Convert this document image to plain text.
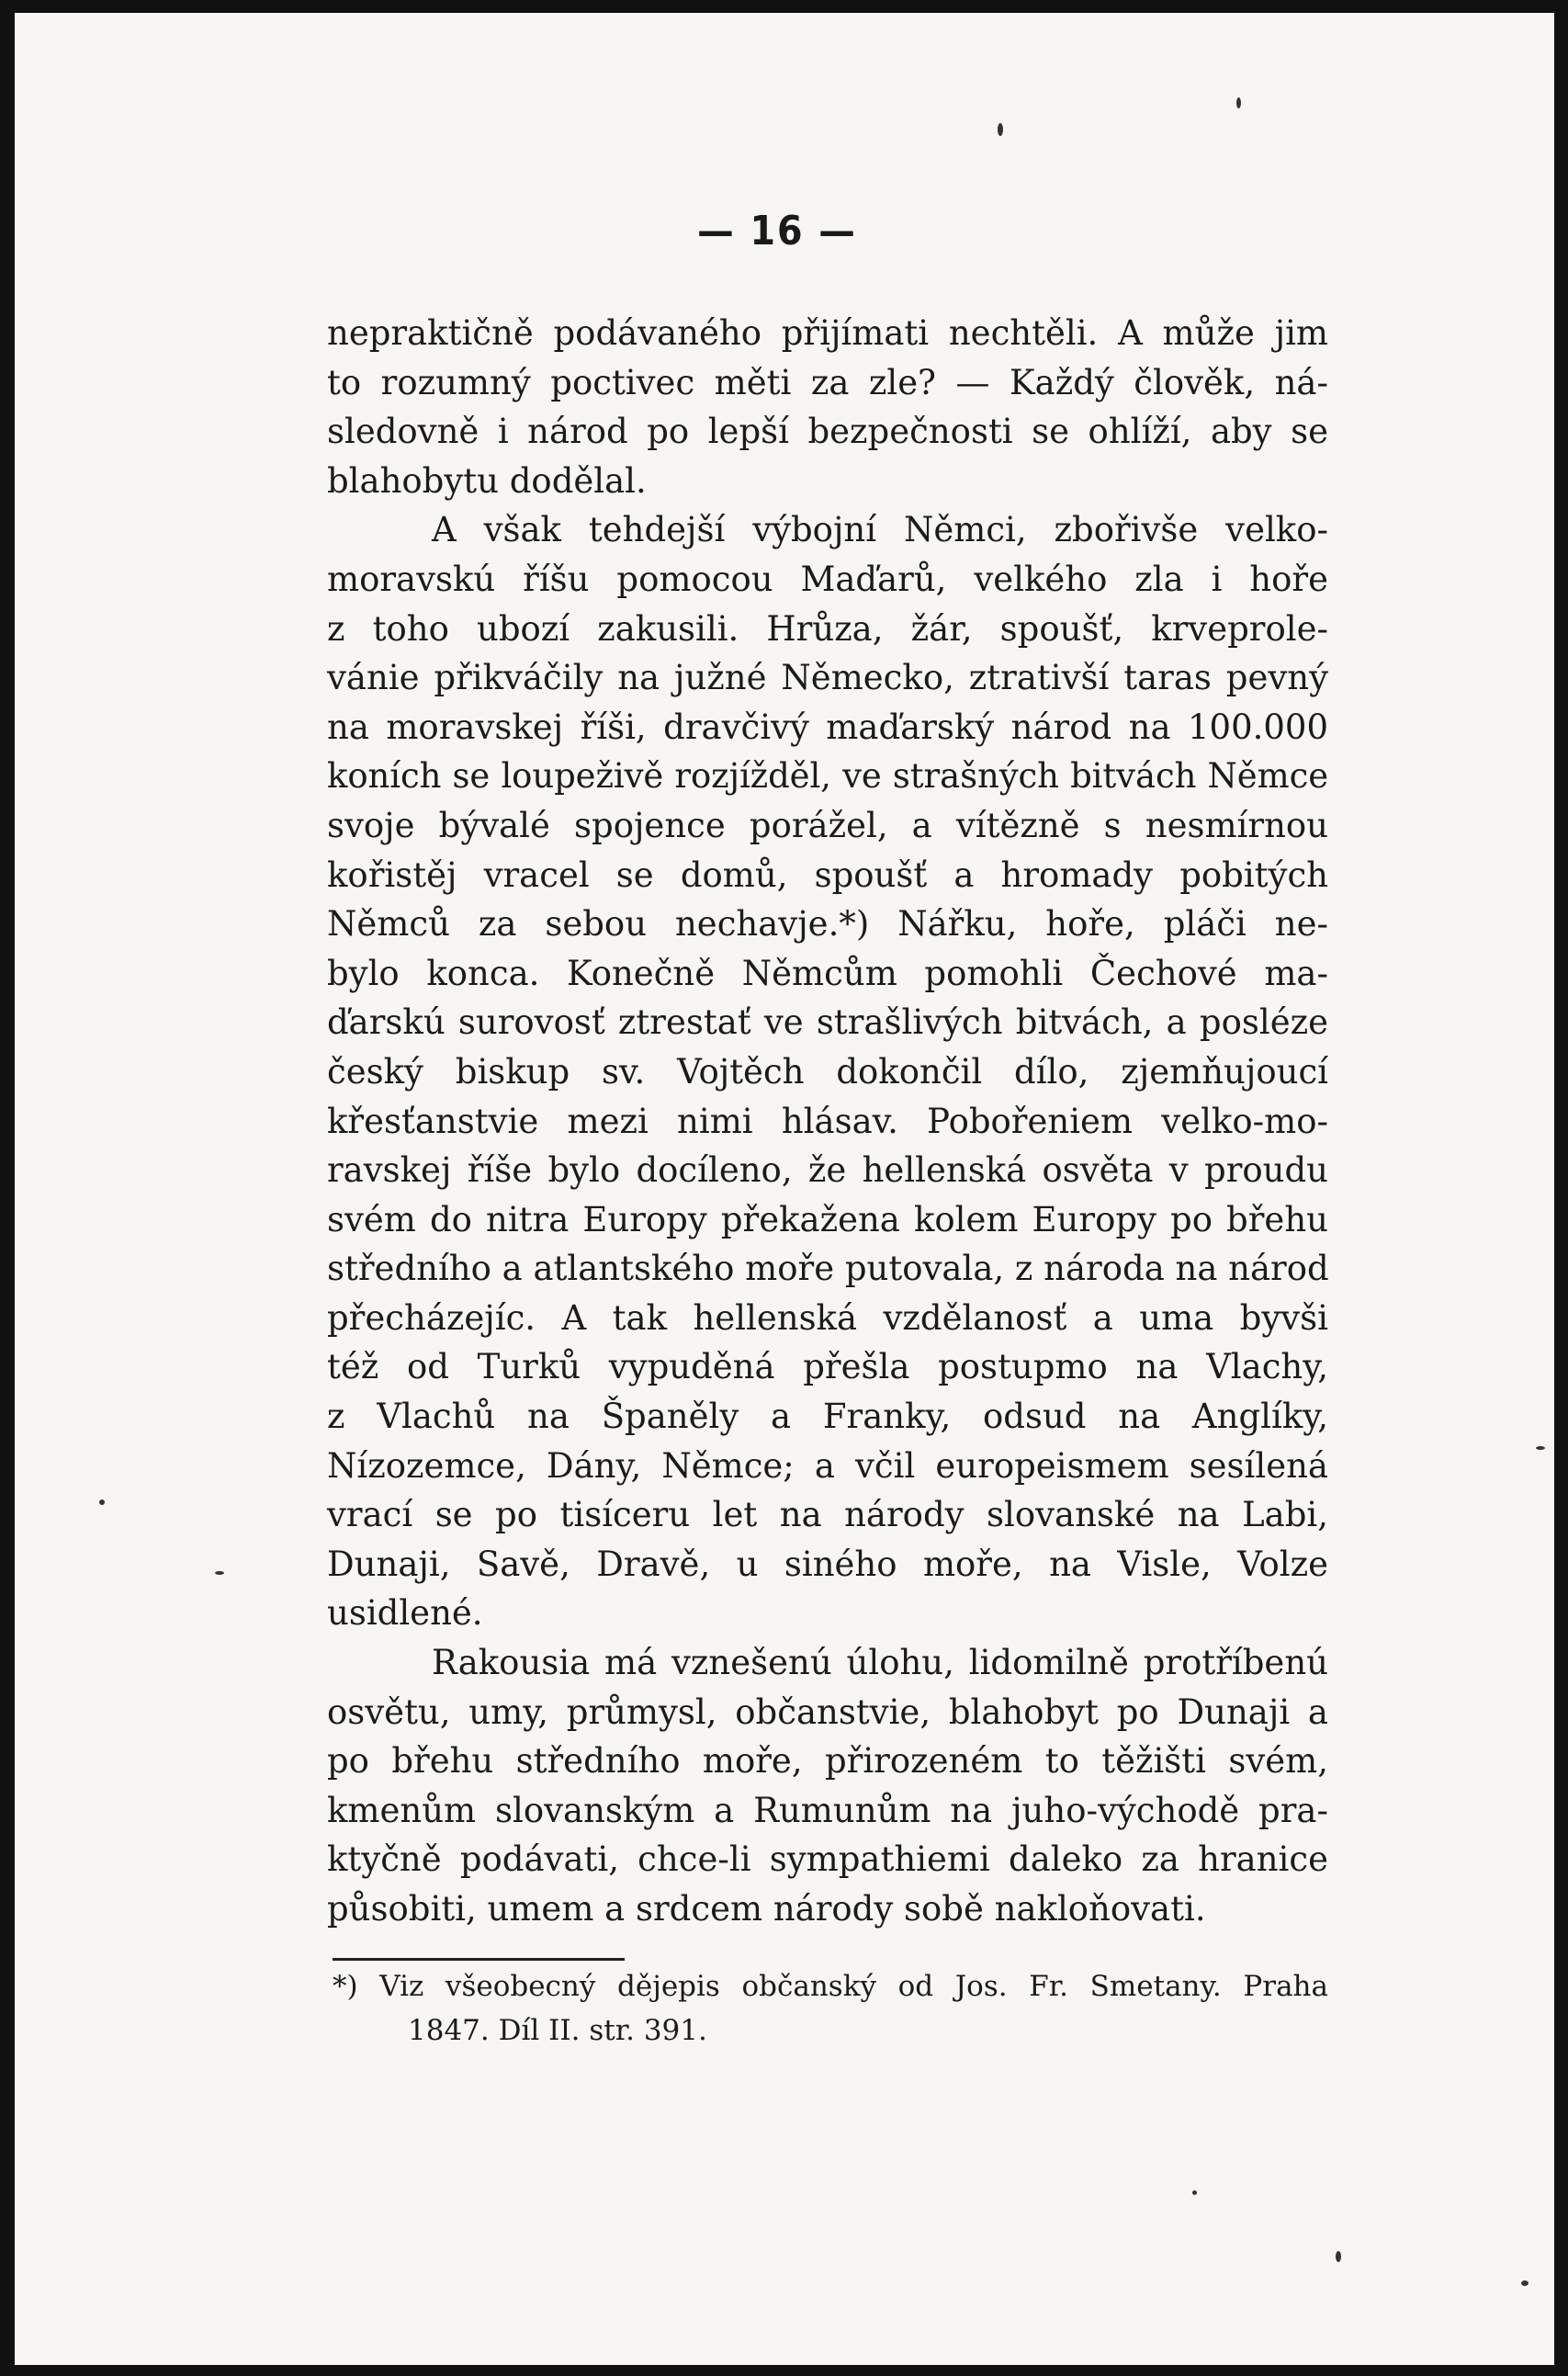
— 16 —

nepraktičně podávaného přijímati nechtěli. A může jim
to rozumný poctivec měti za zle? — Každý člověk, ná-
sledovně i národ po lepší bezpečnosti se ohlíží, aby se
blahobytu dodělal.

A však tehdejší výbojní Němci, zbořivše velko-
moravskú říšu pomocou Maďarů, velkého zla i hoře
z toho ubozí zakusili. Hrůza, žár, spoušť, krveprole-
vánie přikváčily na južné Německo, ztrativší taras pevný
na moravskej říši, dravčivý maďarský národ na 100.000
koních se loupeživě rozjížděl, ve strašných bitvách Němce
svoje bývalé spojence porážel, a vítězně s nesmírnou
kořistěj vracel se domů, spoušť a hromady pobitých
Němců za sebou nechavje.*) Nářku, hoře, pláči ne-
bylo konca. Konečně Němcům pomohli Čechové ma-
ďarskú surovosť ztrestať ve strašlivých bitvách, a posléze
český biskup sv. Vojtěch dokončil dílo, zjemňujoucí
křesťanstvie mezi nimi hlásav. Pobořeniem velko-mo-
ravskej říše bylo docíleno, že hellenská osvěta v proudu
svém do nitra Europy překažena kolem Europy po břehu
středního a atlantského moře putovala, z národa na národ
přecházejíc. A tak hellenská vzdělanosť a uma byvši
též od Turků vypuděná přešla postupmo na Vlachy,
z Vlachů na Španěly a Franky, odsud na Anglíky,
Nízozemce, Dány, Němce; a včil europeismem sesílená
vrací se po tisíceru let na národy slovanské na Labi,
Dunaji, Savě, Dravě, u siného moře, na Visle, Volze
usidlené.

Rakousia má vznešenú úlohu, lidomilně protříbenú
osvětu, umy, průmysl, občanstvie, blahobyt po Dunaji a
po břehu středního moře, přirozeném to těžišti svém,
kmenům slovanským a Rumunům na juho-východě pra-
ktyčně podávati, chce-li sympathiemi daleko za hranice
působiti, umem a srdcem národy sobě nakloňovati.

*) Viz všeobecný dějepis občanský od Jos. Fr. Smetany. Praha
1847. Díl II. str. 391.
